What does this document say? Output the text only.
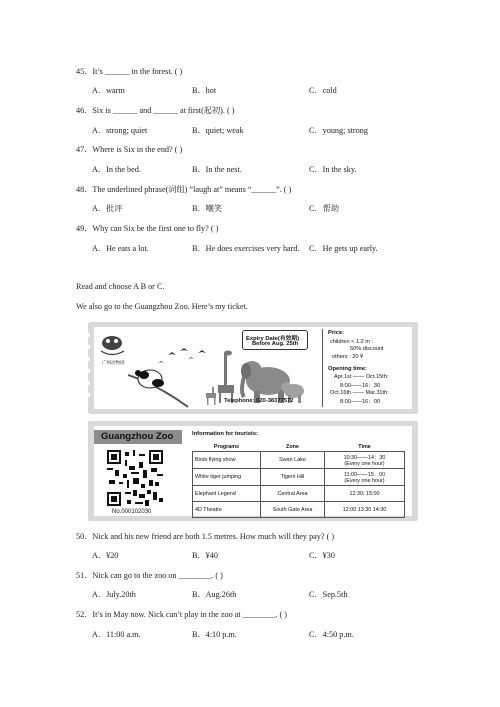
45．It’s ______ in the forest. ( )
A．warm	B．hot	C．cold
46．Six is ______ and ______ at first(起初). ( )
A．strong; quiet	B．quiet; weak	C．young; strong
47．Where is Six in the end? ( )
A．In the bed.	B．In the nest.	C．In the sky.
48．The underlined phrase(词组) “laugh at” means “______”. ( )
A．批评	B．嘲笑	C．帮助
49．Why can Six be the first one to fly? ( )
A．He eats a lot.	B．He does exercises very hard. C．He gets up early.
Read and choose A B or C.
We also go to the Guangzhou Zoo. Here’s my ticket.
广州动物园
Expiry Date(有效期)
Before Aug. 25th
Telephone: 020-38377572
Price:
children < 1.2 m :
50% discount
others : 20 ¥
Opening time:
Apr.1st —— Oct.15th:
8:00——16：30
Oct.16th —— Mar.31th:
8:00——16：00
Guangzhou Zoo
No.000102030
Information for tourists:
Programs	Zone	Time
Birds flying show	Swan Lake	10:30——14：30
(Every one hour)

White tiger jumping	Tigers Hill	11:00——15：00
(Every one hour)

Elephant Legend	Central Area	12:30; 15:00
4D Theatre	South Gate Area	12:00 13:30 14:30
50．Nick and his new friend are both 1.5 metres. How much will they pay? ( )
A．¥20	B．¥40	C．¥30
51．Nick can go to the zoo on ________. ( )
A．July.20th	B．Aug.26th	C．Sep.5th
52．It’s in May now. Nick can’t play in the zoo at ________. ( )
A．11:00 a.m.	B．4:10 p.m.	C．4:50 p.m.
